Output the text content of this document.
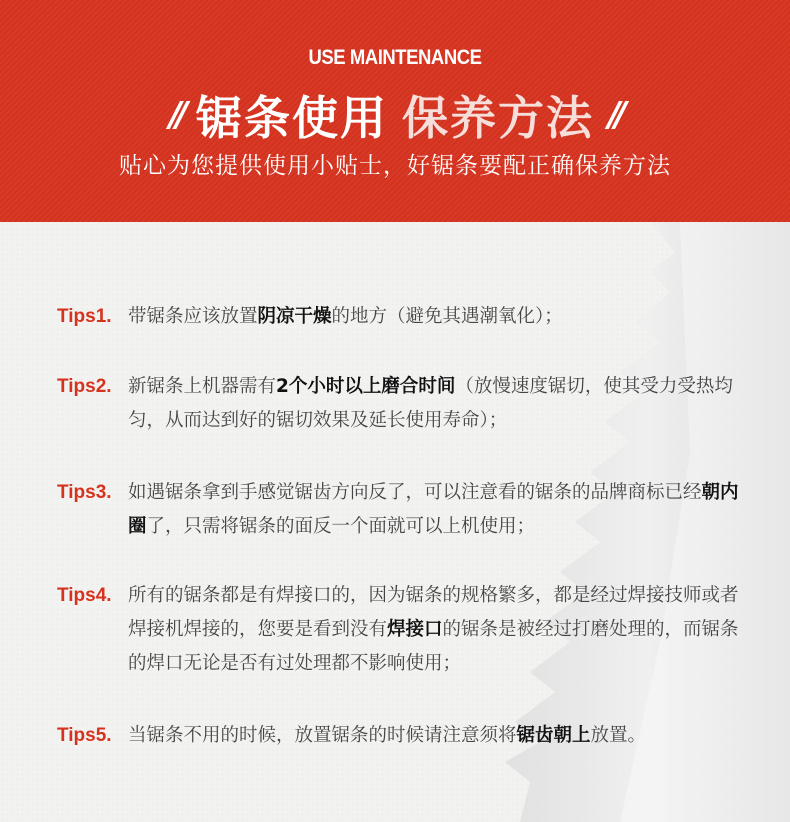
USE MAINTENANCE
// 锯条使用 保养方法 //
贴心为您提供使用小贴士，好锯条要配正确保养方法
Tips1. 带锯条应该放置阴凉干燥的地方（避免其遇潮氧化）；
Tips2. 新锯条上机器需有2个小时以上磨合时间（放慢速度锯切，使其受力受热均匀，从而达到好的锯切效果及延长使用寿命）；
Tips3. 如遇锯条拿到手感觉锯齿方向反了，可以注意看的锯条的品牌商标已经朝内圈了，只需将锯条的面反一个面就可以上机使用；
Tips4. 所有的锯条都是有焊接口的，因为锯条的规格繁多，都是经过焊接技师或者焊接机焊接的，您要是看到没有焊接口的锯条是被经过打磨处理的，而锯条的焊口无论是否有过处理都不影响使用；
Tips5. 当锯条不用的时候，放置锯条的时候请注意须将锯齿朝上放置。
